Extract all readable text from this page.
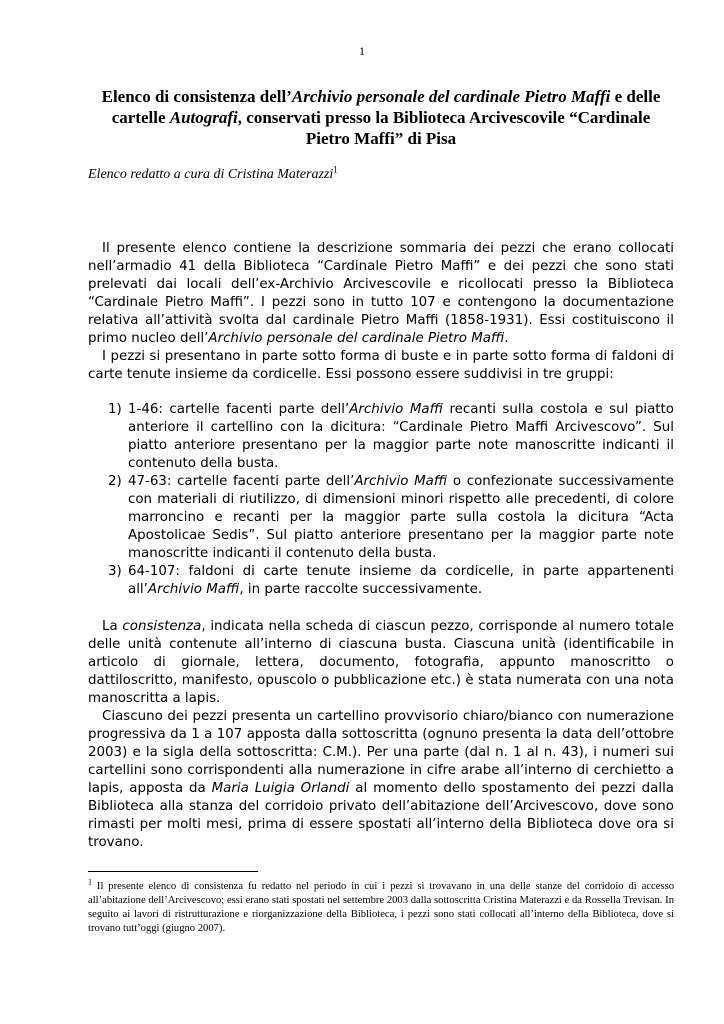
1
Elenco di consistenza dell’Archivio personale del cardinale Pietro Maffi e delle cartelle Autografi, conservati presso la Biblioteca Arcivescovile “Cardinale Pietro Maffi” di Pisa
Elenco redatto a cura di Cristina Materazzi$^1$

Il presente elenco contiene la descrizione sommaria dei pezzi che erano collocati nell’armadio 41 della Biblioteca “Cardinale Pietro Maffi” e dei pezzi che sono stati prelevati dai locali dell’ex-Archivio Arcivescovile e ricollocati presso la Biblioteca “Cardinale Pietro Maffi”. I pezzi sono in tutto 107 e contengono la documentazione relativa all’attività svolta dal cardinale Pietro Maffi (1858-1931). Essi costituiscono il primo nucleo dell’Archivio personale del cardinale Pietro Maffi.

I pezzi si presentano in parte sotto forma di buste e in parte sotto forma di faldoni di carte tenute insieme da cordicelle. Essi possono essere suddivisi in tre gruppi:

1) 1-46: cartelle facenti parte dell’Archivio Maffi recanti sulla costola e sul piatto anteriore il cartellino con la dicitura: “Cardinale Pietro Maffi Arcivescovo”. Sul piatto anteriore presentano per la maggior parte note manoscritte indicanti il contenuto della busta.
2) 47-63: cartelle facenti parte dell’Archivio Maffi o confezionate successivamente con materiali di riutilizzo, di dimensioni minori rispetto alle precedenti, di colore marroncino e recanti per la maggior parte sulla costola la dicitura “Acta Apostolicae Sedis”. Sul piatto anteriore presentano per la maggior parte note manoscritte indicanti il contenuto della busta.
3) 64-107: faldoni di carte tenute insieme da cordicelle, in parte appartenenti all’Archivio Maffi, in parte raccolte successivamente.

La consistenza, indicata nella scheda di ciascun pezzo, corrisponde al numero totale delle unità contenute all’interno di ciascuna busta. Ciascuna unità (identificabile in articolo di giornale, lettera, documento, fotografia, appunto manoscritto o dattiloscritto, manifesto, opuscolo o pubblicazione etc.) è stata numerata con una nota manoscritta a lapis.

Ciascuno dei pezzi presenta un cartellino provvisorio chiaro/bianco con numerazione progressiva da 1 a 107 apposta dalla sottoscritta (ognuno presenta la data dell’ottobre 2003) e la sigla della sottoscritta: C.M.). Per una parte (dal n. 1 al n. 43), i numeri sui cartellini sono corrispondenti alla numerazione in cifre arabe all’interno di cerchietto a lapis, apposta da Maria Luigia Orlandi al momento dello spostamento dei pezzi dalla Biblioteca alla stanza del corridoio privato dell’abitazione dell’Arcivescovo, dove sono rimasti per molti mesi, prima di essere spostati all’interno della Biblioteca dove ora si trovano.

$^1$ Il presente elenco di consistenza fu redatto nel periodo in cui i pezzi si trovavano in una delle stanze del corridoio di accesso all’abitazione dell’Arcivescovo; essi erano stati spostati nel settembre 2003 dalla sottoscritta Cristina Materazzi e da Rossella Trevisan. In seguito ai lavori di ristrutturazione e riorganizzazione della Biblioteca, i pezzi sono stati collocati all’interno della Biblioteca, dove si trovano tutt’oggi (giugno 2007).
